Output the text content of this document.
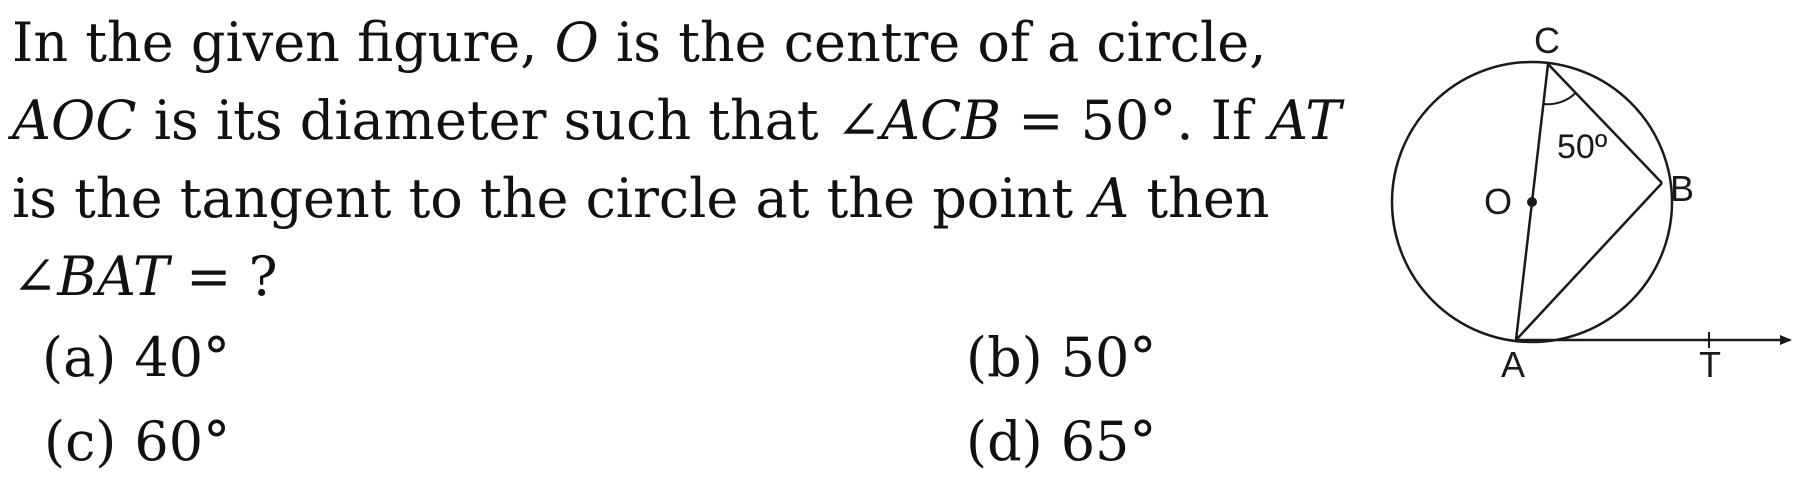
In the given figure, O is the centre of a circle,
AOC is its diameter such that ∠ACB = 50°. If AT
is the tangent to the circle at the point A then
∠BAT = ?
(a) 40°	(b) 50°
(c) 60°	(d) 65°
C
B
O
A	T
50º
